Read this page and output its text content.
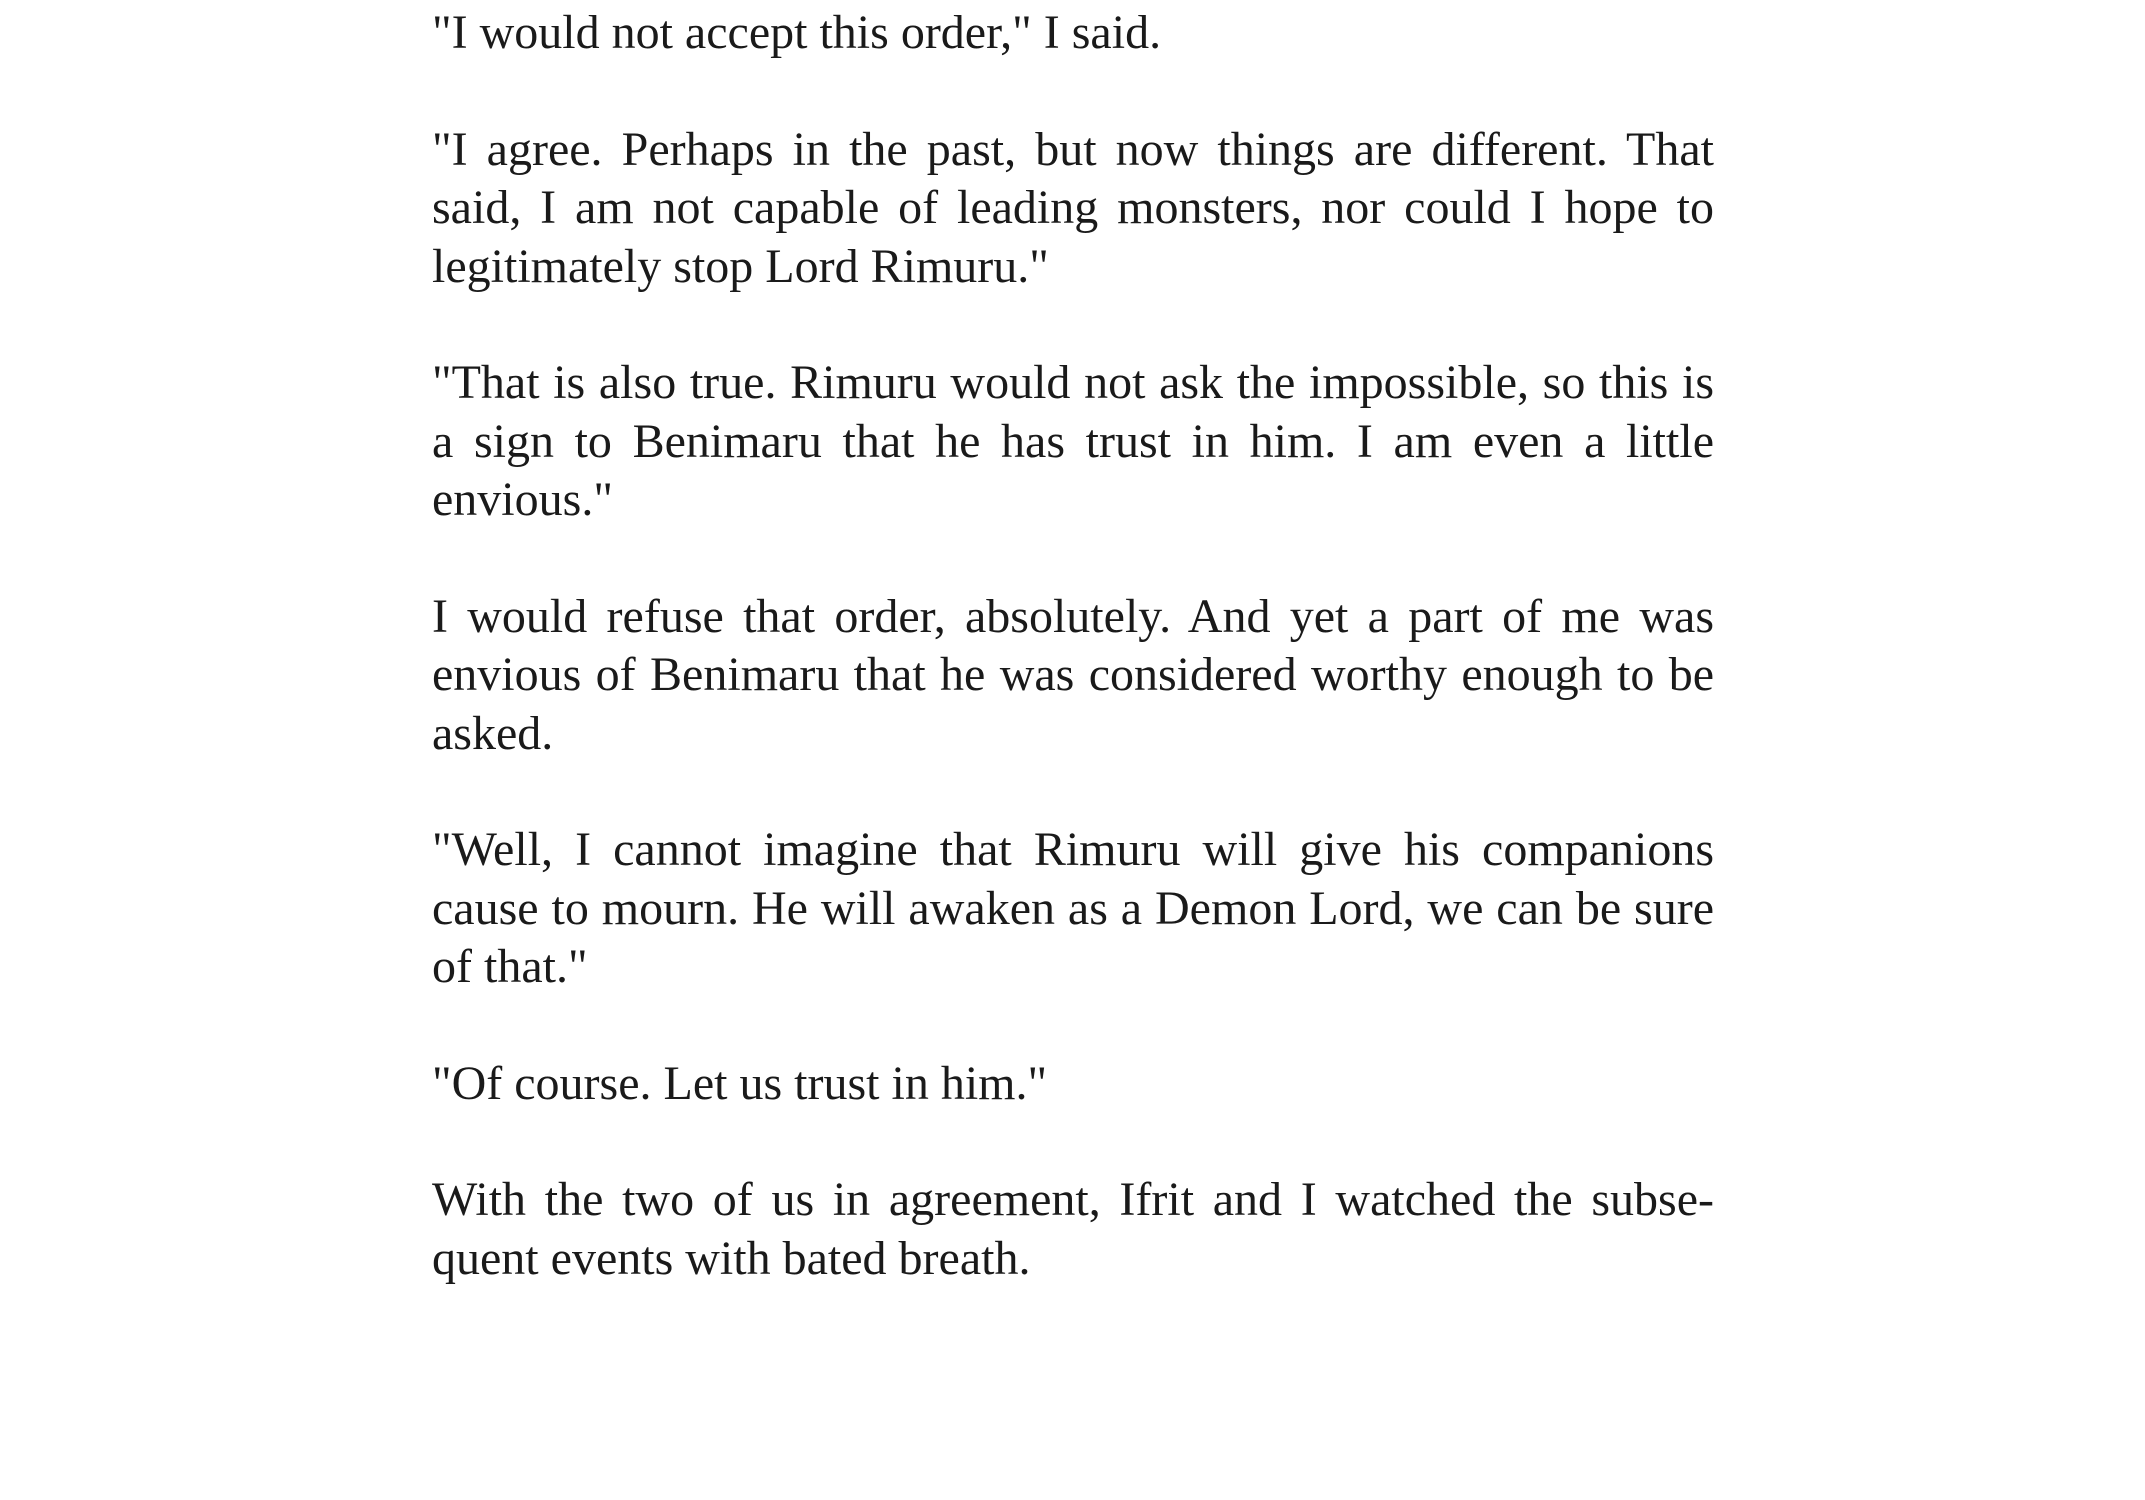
"I would not accept this order," I said.

"I agree. Perhaps in the past, but now things are different. That said, I am not capable of leading monsters, nor could I hope to legitimately stop Lord Rimuru."

"That is also true. Rimuru would not ask the impossible, so this is a sign to Benimaru that he has trust in him. I am even a little envious."

I would refuse that order, absolutely. And yet a part of me was envious of Benimaru that he was considered worthy enough to be asked.

"Well, I cannot imagine that Rimuru will give his companions cause to mourn. He will awaken as a Demon Lord, we can be sure of that."

"Of course. Let us trust in him."

With the two of us in agreement, Ifrit and I watched the subsequent events with bated breath.
